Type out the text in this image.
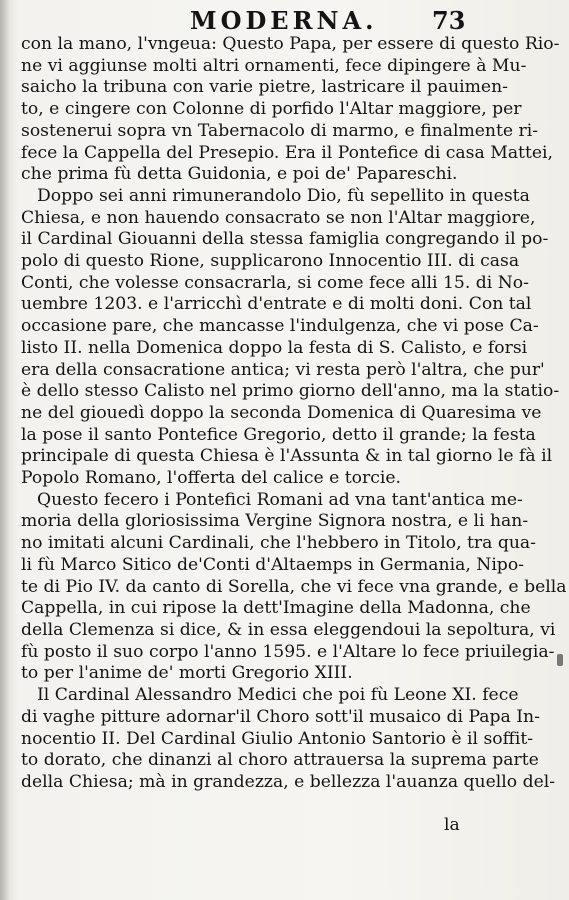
MODERNA. 73
con la mano, l'vngeua: Questo Papa, per essere di questo Rio-
ne vi aggiunse molti altri ornamenti, fece dipingere à Mu-
saicho la tribuna con varie pietre, lastricare il pauimen-
to, e cingere con Colonne di porfido l'Altar maggiore, per
sostenerui sopra vn Tabernacolo di marmo, e finalmente ri-
fece la Cappella del Presepio. Era il Pontefice di casa Mattei,
che prima fù detta Guidonia, e poi de' Papareschi.
Doppo sei anni rimunerandolo Dio, fù sepellito in questa
Chiesa, e non hauendo consacrato se non l'Altar maggiore,
il Cardinal Giouanni della stessa famiglia congregando il po-
polo di questo Rione, supplicarono Innocentio III. di casa
Conti, che volesse consacrarla, si come fece alli 15. di No-
uembre 1203. e l'arricchì d'entrate e di molti doni. Con tal
occasione pare, che mancasse l'indulgenza, che vi pose Ca-
listo II. nella Domenica doppo la festa di S. Calisto, e forsi
era della consacratione antica; vi resta però l'altra, che pur'
è dello stesso Calisto nel primo giorno dell'anno, ma la statio-
ne del giouedì doppo la seconda Domenica di Quaresima ve
la pose il santo Pontefice Gregorio, detto il grande; la festa
principale di questa Chiesa è l'Assunta & in tal giorno le fà il
Popolo Romano, l'offerta del calice e torcie.
Questo fecero i Pontefici Romani ad vna tant'antica me-
moria della gloriosissima Vergine Signora nostra, e li han-
no imitati alcuni Cardinali, che l'hebbero in Titolo, tra qua-
li fù Marco Sitico de'Conti d'Altaemps in Germania, Nipo-
te di Pio IV. da canto di Sorella, che vi fece vna grande, e bella
Cappella, in cui ripose la dett'Imagine della Madonna, che
della Clemenza si dice, & in essa eleggendoui la sepoltura, vi
fù posto il suo corpo l'anno 1595. e l'Altare lo fece priuilegia-
to per l'anime de' morti Gregorio XIII.
Il Cardinal Alessandro Medici che poi fù Leone XI. fece
di vaghe pitture adornar'il Choro sott'il musaico di Papa In-
nocentio II. Del Cardinal Giulio Antonio Santorio è il soffit-
to dorato, che dinanzi al choro attrauersa la suprema parte
della Chiesa; mà in grandezza, e bellezza l'auanza quello del-
la
